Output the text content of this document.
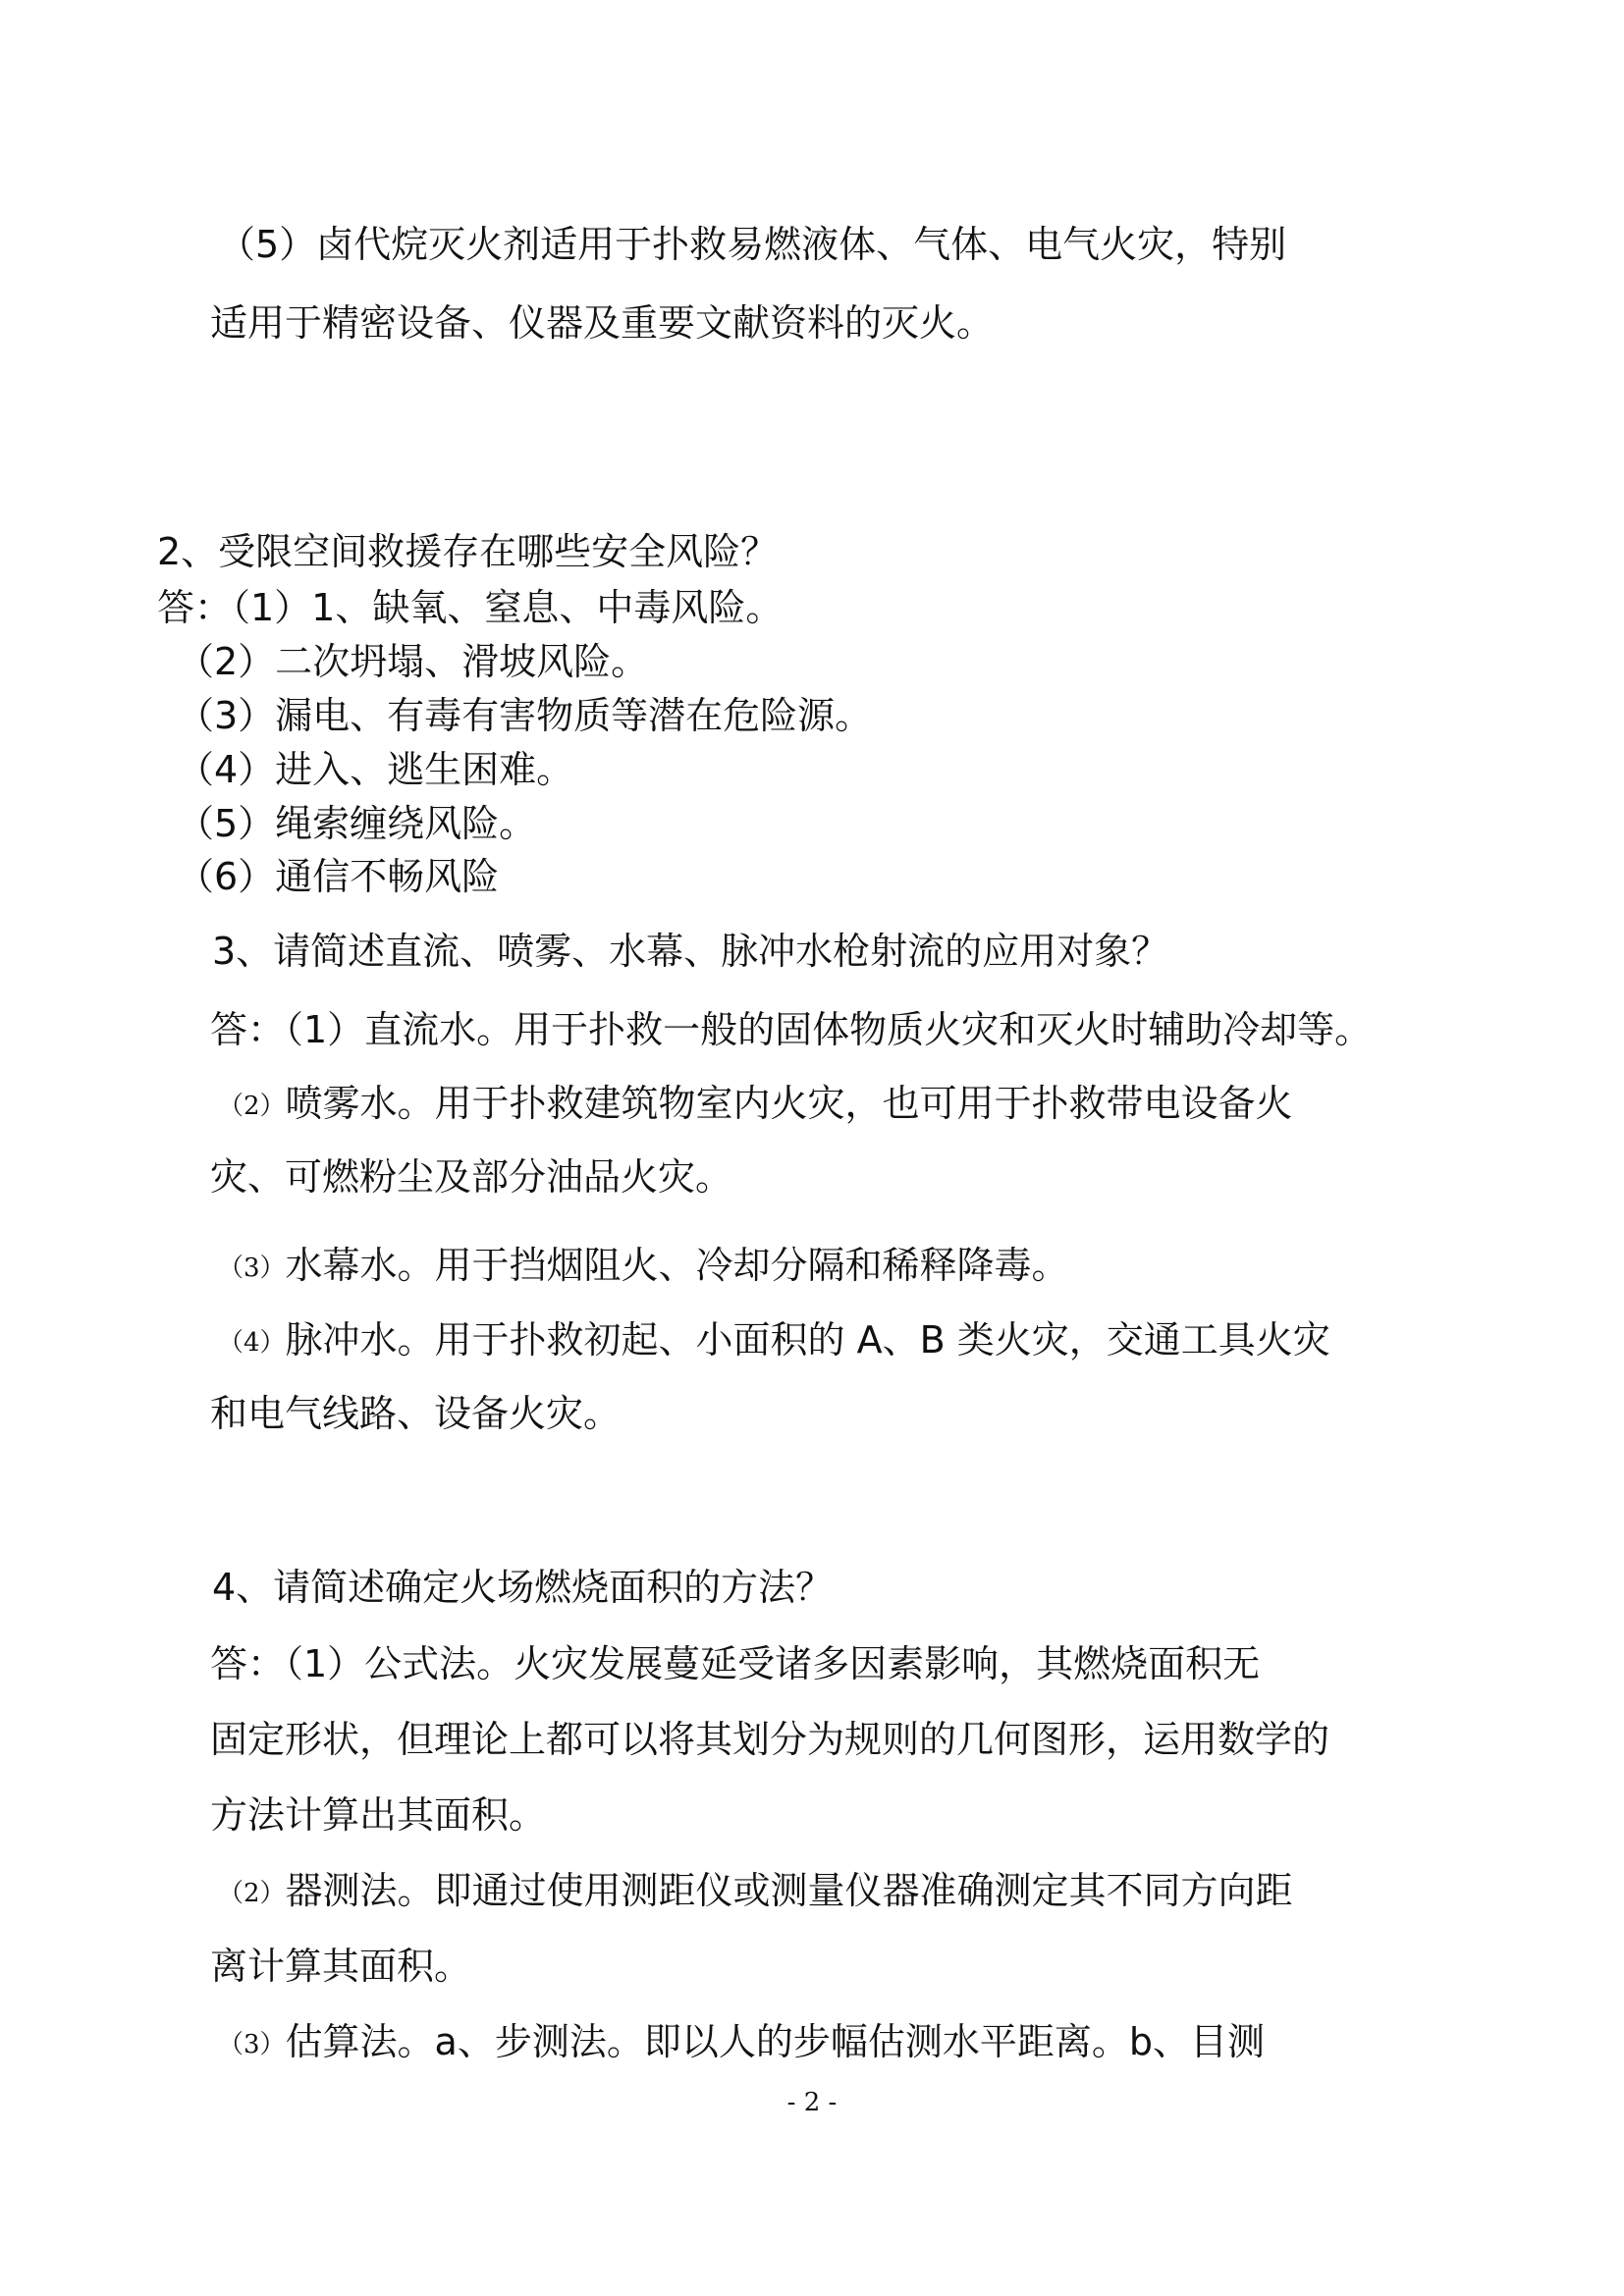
（5）卤代烷灭火剂适用于扑救易燃液体、气体、电气火灾，特别
适用于精密设备、仪器及重要文献资料的灭火。
2、受限空间救援存在哪些安全风险？
答：（1）1、缺氧、窒息、中毒风险。
（2）二次坍塌、滑坡风险。
（3）漏电、有毒有害物质等潜在危险源。
（4）进入、逃生困难。
（5）绳索缠绕风险。
（6）通信不畅风险
3、请简述直流、喷雾、水幕、脉冲水枪射流的应用对象？
答：（1）直流水。用于扑救一般的固体物质火灾和灭火时辅助冷却等。
（2）喷雾水。用于扑救建筑物室内火灾，也可用于扑救带电设备火
灾、可燃粉尘及部分油品火灾。
（3）水幕水。用于挡烟阻火、冷却分隔和稀释降毒。
（4）脉冲水。用于扑救初起、小面积的 A、B 类火灾，交通工具火灾
和电气线路、设备火灾。
4、请简述确定火场燃烧面积的方法？
答：（1）公式法。火灾发展蔓延受诸多因素影响，其燃烧面积无
固定形状，但理论上都可以将其划分为规则的几何图形，运用数学的
方法计算出其面积。
（2）器测法。即通过使用测距仪或测量仪器准确测定其不同方向距
离计算其面积。
（3）估算法。a、步测法。即以人的步幅估测水平距离。b、目测
- 2 -
